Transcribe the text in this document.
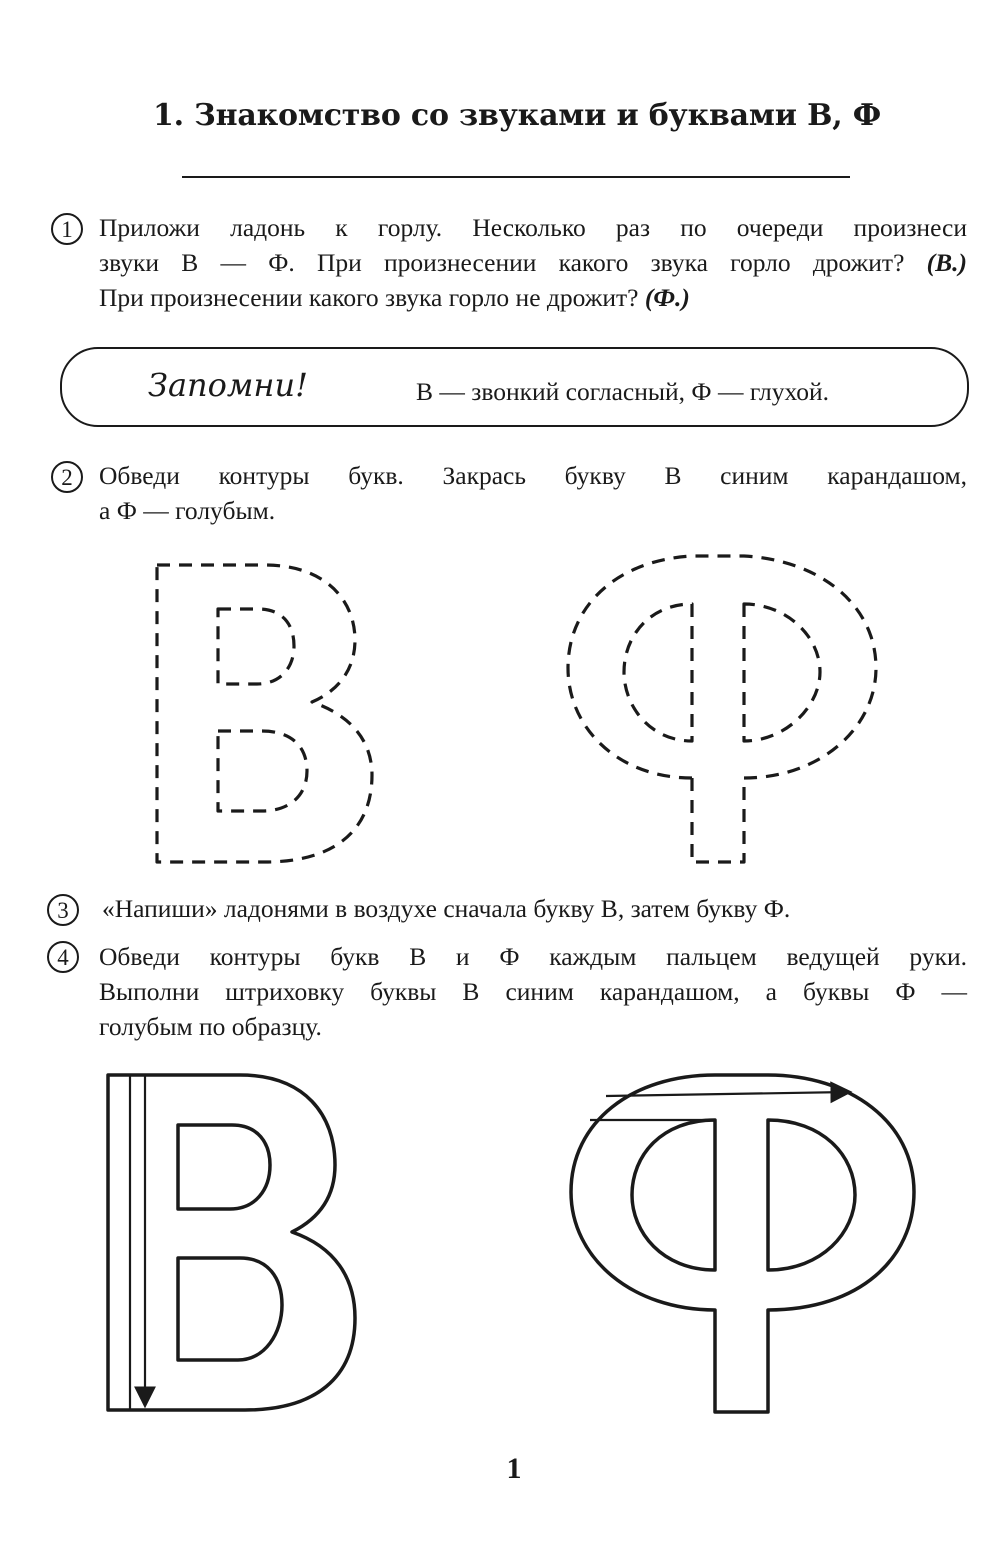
1. Знакомство со звуками и буквами В, Ф
1	Приложи ладонь к горлу. Несколько раз по очереди произнеси
звуки В — Ф. При произнесении какого звука горло дрожит? (В.)
При произнесении какого звука горло не дрожит? (Ф.)
Запомни!	В — звонкий согласный, Ф — глухой.
2	Обведи контуры букв. Закрась букву В синим карандашом,
а Ф — голубым.
3	«Напиши» ладонями в воздухе сначала букву В, затем букву Ф.
4	Обведи контуры букв В и Ф каждым пальцем ведущей руки.
Выполни штриховку буквы В синим карандашом, а буквы Ф —
голубым по образцу.
1
